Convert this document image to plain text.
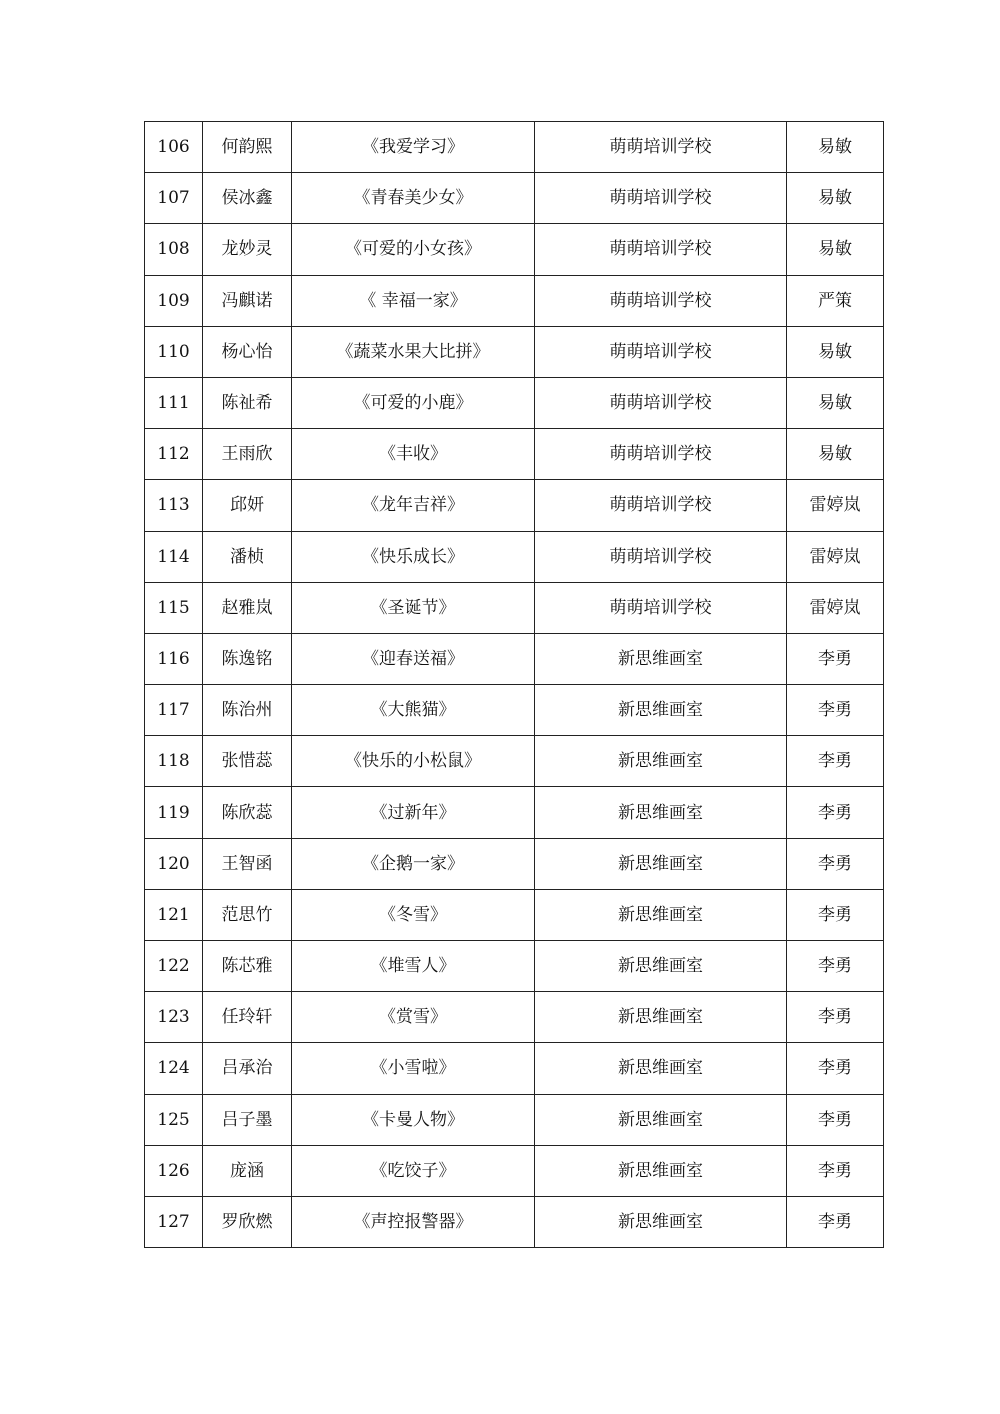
106	何韵熙	《我爱学习》	萌萌培训学校	易敏
107	侯冰鑫	《青春美少女》	萌萌培训学校	易敏
108	龙妙灵	《可爱的小女孩》	萌萌培训学校	易敏
109	冯麒诺	《 幸福一家》	萌萌培训学校	严策
110	杨心怡	《蔬菜水果大比拼》	萌萌培训学校	易敏
111	陈祉希	《可爱的小鹿》	萌萌培训学校	易敏
112	王雨欣	《丰收》	萌萌培训学校	易敏
113	邱妍	《龙年吉祥》	萌萌培训学校	雷婷岚
114	潘桢	《快乐成长》	萌萌培训学校	雷婷岚
115	赵雅岚	《圣诞节》	萌萌培训学校	雷婷岚
116	陈逸铭	《迎春送福》	新思维画室	李勇
117	陈治州	《大熊猫》	新思维画室	李勇
118	张惜蕊	《快乐的小松鼠》	新思维画室	李勇
119	陈欣蕊	《过新年》	新思维画室	李勇
120	王智函	《企鹅一家》	新思维画室	李勇
121	范思竹	《冬雪》	新思维画室	李勇
122	陈芯雅	《堆雪人》	新思维画室	李勇
123	任玲轩	《赏雪》	新思维画室	李勇
124	吕承治	《小雪啦》	新思维画室	李勇
125	吕子墨	《卡曼人物》	新思维画室	李勇
126	庞涵	《吃饺子》	新思维画室	李勇
127	罗欣燃	《声控报警器》	新思维画室	李勇
